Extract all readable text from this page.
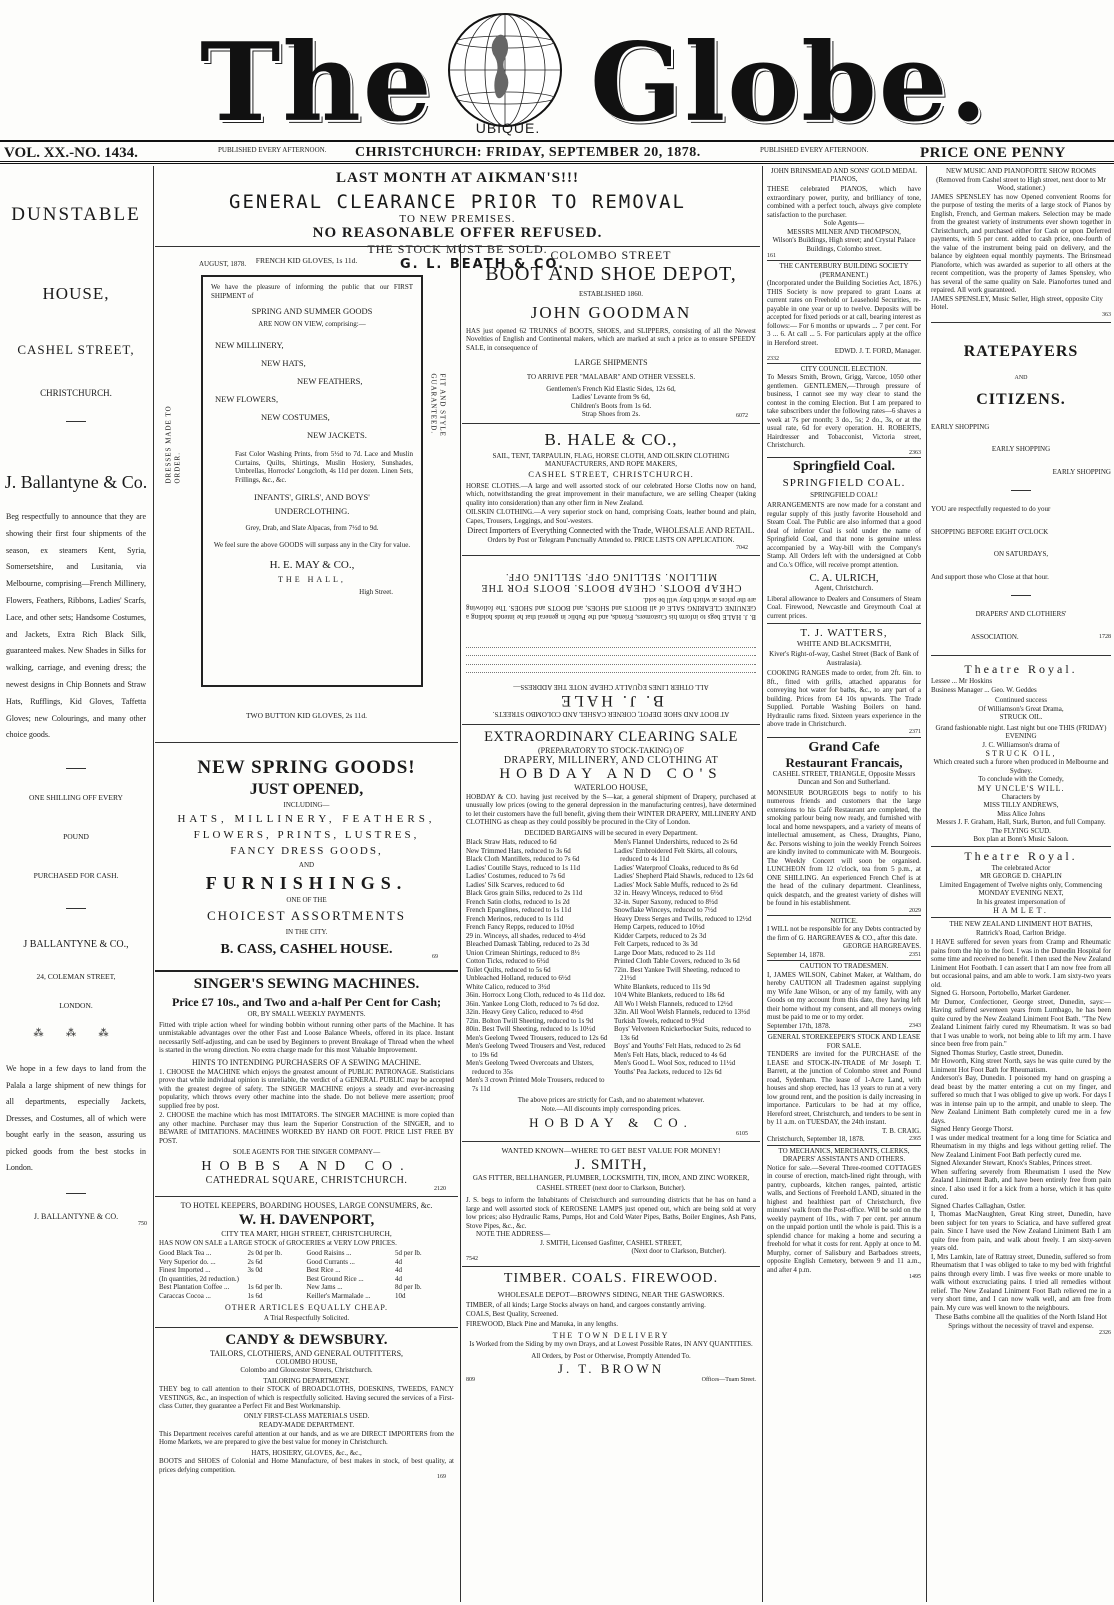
The	UBIQUE. Globe.
VOL. XX.-NO. 1434.	PUBLISHED EVERY AFTERNOON. CHRISTCHURCH: FRIDAY, SEPTEMBER 20, 1878.	PUBLISHED EVERY AFTERNOON.	PRICE ONE PENNY
DUNSTABLE
HOUSE,
CASHEL STREET,
CHRISTCHURCH.
J. Ballantyne & Co.

Beg respectfully to announce that they are showing their first four shipments of the season, ex steamers Kent, Syria, Somersetshire, and Lusitania, via Melbourne, comprising—French Millinery, Flowers, Feathers, Ribbons, Ladies' Scarfs, Lace, and other sets; Handsome Costumes, and Jackets, Extra Rich Black Silk, guaranteed makes. New Shades in Silks for walking, carriage, and evening dress; the newest designs in Chip Bonnets and Straw Hats, Rufflings, Kid Gloves, Taffetta Gloves; new Colourings, and many other choice goods.

ONE SHILLING OFF EVERY
POUND
PURCHASED FOR CASH.
J BALLANTYNE & CO.,
24, COLEMAN STREET,
LONDON.
⁂ ⁂ ⁂

We hope in a few days to land from the Palala a large shipment of new things for all departments, especially Jackets, Dresses, and Costumes, all of which were bought early in the season, assuring us picked goods from the best stocks in London.

J. BALLANTYNE & CO.
750
LAST MONTH AT AIKMAN'S!!!
GENERAL CLEARANCE PRIOR TO REMOVAL
TO NEW PREMISES.
NO REASONABLE OFFER REFUSED.
THE STOCK MUST BE SOLD.
AUGUST, 1878.	G. L. BEATH & CO.
FRENCH KID GLOVES, 1s 11d.
DRESSES MADE TO ORDER.
FIT AND STYLE GUARANTEED.
We have the pleasure of informing the public that our FIRST SHIPMENT of
SPRING AND SUMMER GOODS
ARE NOW ON VIEW, comprising:—
NEW MILLINERY,
NEW HATS,
NEW FEATHERS,
NEW FLOWERS,
NEW COSTUMES,
NEW JACKETS.
Fast Color Washing Prints, from 5½d to 7d. Lace and Muslin Curtains, Quilts, Shirtings, Muslin Hosiery, Sunshades, Umbrellas, Horrocks' Longcloth, 4s 11d per dozen. Linen Sets, Frillings, &c., &c.
INFANTS', GIRLS', AND BOYS'
UNDERCLOTHING.
Grey, Drab, and Slate Alpacas, from 7½d to 9d.
We feel sure the above GOODS will surpass any in the City for value.
H. E. MAY & CO.,
THE HALL,
High Street.
TWO BUTTON KID GLOVES, 2s 11d.
NEW SPRING GOODS!
JUST OPENED,
INCLUDING—
HATS, MILLINERY, FEATHERS,
FLOWERS, PRINTS, LUSTRES,
FANCY DRESS GOODS,
AND
FURNISHINGS.
ONE OF THE
CHOICEST ASSORTMENTS
IN THE CITY.
B. CASS, CASHEL HOUSE.	69
SINGER'S SEWING MACHINES.
Price £7 10s., and Two and a-half Per Cent for Cash;
OR, BY SMALL WEEKLY PAYMENTS.
Fitted with triple action wheel for winding bobbin without running other parts of the Machine. It has unmistakable advantages over the other Fast and Loose Balance Wheels, offered in its place. Instant necessarily Self-adjusting, and can be used by Beginners to prevent Breakage of Thread when the wheel is started in the wrong direction. No extra charge made for this most Valuable Improvement.
HINTS TO INTENDING PURCHASERS OF A SEWING MACHINE.
1. CHOOSE the MACHINE which enjoys the greatest amount of PUBLIC PATRONAGE. Statisticians prove that while individual opinion is unreliable, the verdict of a GENERAL PUBLIC may be accepted with the greatest degree of safety. The SINGER MACHINE enjoys a steady and ever-increasing popularity, which throws every other machine into the shade. Do not believe mere assertion; proof supplied free by post.
2. CHOOSE the machine which has most IMITATORS. The SINGER MACHINE is more copied than any other machine. Purchaser may thus learn the Superior Construction of the SINGER, and to BEWARE of IMITATIONS. MACHINES WORKED BY HAND OR FOOT. PRICE LIST FREE BY POST.
SOLE AGENTS FOR THE SINGER COMPANY—
HOBBS AND CO.
CATHEDRAL SQUARE, CHRISTCHURCH.
2120
TO HOTEL KEEPERS, BOARDING HOUSES, LARGE CONSUMERS, &c.
W. H. DAVENPORT,
CITY TEA MART, HIGH STREET, CHRISTCHURCH,
HAS NOW ON SALE a LARGE STOCK of GROCERIES at VERY LOW PRICES.
Good Black Tea ...	2s 0d per lb.	Good Raisins ...	5d per lb.
Very Superior do. ...	2s 6d	Good Currants ...	4d
Finest Imported ...	3s 0d	Best Rice ...	4d
(In quantities, 2d reduction.)	Best Ground Rice ...	4d
Best Plantation Coffee ...	1s 6d per lb.	New Jams ...	8d per lb.
Caraccas Cocoa ...	1s 6d	Keiller's Marmalade ...	10d
OTHER ARTICLES EQUALLY CHEAP.
A Trial Respectfully Solicited.
CANDY & DEWSBURY.
TAILORS, CLOTHIERS, AND GENERAL OUTFITTERS,
COLOMBO HOUSE,
Colombo and Gloucester Streets, Christchurch.
TAILORING DEPARTMENT.
THEY beg to call attention to their STOCK of BROADCLOTHS, DOESKINS, TWEEDS, FANCY VESTINGS, &c., an inspection of which is respectfully solicited. Having secured the services of a First-class Cutter, they guarantee a Perfect Fit and Best Workmanship.
ONLY FIRST-CLASS MATERIALS USED.
READY-MADE DEPARTMENT.
This Department receives careful attention at our hands, and as we are DIRECT IMPORTERS from the Home Markets, we are prepared to give the best value for money in Christchurch.
HATS, HOSIERY, GLOVES, &c., &c.,
BOOTS and SHOES of Colonial and Home Manufacture, of best makes in stock, of best quality, at prices defying competition.
169
COLOMBO STREET
BOOT AND SHOE DEPOT,
ESTABLISHED 1860.
JOHN GOODMAN
HAS just opened 62 TRUNKS of BOOTS, SHOES, and SLIPPERS, consisting of all the Newest Novelties of English and Continental makers, which are marked at such a price as to ensure SPEEDY SALE, in consequence of
LARGE SHIPMENTS
TO ARRIVE PER "MALABAR" AND OTHER VESSELS.
Gentlemen's French Kid Elastic Sides, 12s 6d,
Ladies' Levante from 9s 6d,
Children's Boots from 1s 6d.
Strap Shoes from 2s.	6072
B. HALE & CO.,
SAIL, TENT, TARPAULIN, FLAG, HORSE CLOTH, AND OILSKIN CLOTHING MANUFACTURERS, AND ROPE MAKERS,
CASHEL STREET, CHRISTCHURCH.
HORSE CLOTHS.—A large and well assorted stock of our celebrated Horse Cloths now on hand, which, notwithstanding the great improvement in their manufacture, we are selling Cheaper (taking quality into consideration) than any other firm in New Zealand.
OILSKIN CLOTHING.—A very superior stock on hand, comprising Coats, leather bound and plain, Capes, Trousers, Leggings, and Sou'-westers.
Direct Importers of Everything Connected with the Trade, WHOLESALE AND RETAIL.
Orders by Post or Telegram Punctually Attended to. PRICE LISTS ON APPLICATION.
7042
AT BOOT AND SHOE DEPOT, CORNER CASHEL AND COLOMBO STREETS.
B. J. HALE
ALL OTHER LINES EQUALLY CHEAP. NOTE THE ADDRESS—
B. J. HALE begs to inform his Customers, Friends, and the Public in general that he intends holding a GENUINE CLEARING SALE of all BOOTS and SHOES, and BOOTS and SHOES. The following are the prices at which they will be sold.
CHEAP BOOTS. CHEAP BOOTS. BOOTS FOR THE MILLION. SELLING OFF. SELLING OFF.
EXTRAORDINARY CLEARING SALE
(PREPARATORY TO STOCK-TAKING) OF
DRAPERY, MILLINERY, AND CLOTHING AT
HOBDAY AND CO'S
WATERLOO HOUSE,
HOBDAY & CO. having just received by the S—kar, a general shipment of Drapery, purchased at unusually low prices (owing to the general depression in the manufacturing centres), have determined to let their customers have the full benefit, giving them their WINTER DRAPERY, MILLINERY AND CLOTHING as cheap as they could possibly be procured in the City of London.
DECIDED BARGAINS will be secured in every Department.
Black Straw Hats, reduced to 6d
New Trimmed Hats, reduced to 3s 6d
Black Cloth Mantillets, reduced to 7s 6d
Ladies' Coutille Stays, reduced to 1s 11d
Ladies' Costumes, reduced to 7s 6d
Ladies' Silk Scarves, reduced to 6d
Black Gros grain Silks, reduced to 2s 11d
French Satin cloths, reduced to 1s 2d
French Epanglines, reduced to 1s 11d
French Merinos, reduced to 1s 11d
French Fancy Repps, reduced to 10½d
29 in. Winceys, all shades, reduced to 4½d
Bleached Damask Tabling, reduced to 2s 3d
Union Crimean Shirtings, reduced to 8½
Cotton Ticks, reduced to 6½d
Toilet Quilts, reduced to 5s 6d
Unbleached Holland, reduced to 6½d
White Calico, reduced to 3½d
36in. Horrocx Long Cloth, reduced to 4s 11d doz.
36in. Yankee Long Cloth, reduced to 7s 6d doz.
32in. Heavy Grey Calico, reduced to 4½d
72in. Bolton Twill Sheeting, reduced to 1s 9d
80in. Best Twill Sheeting, reduced to 1s 10½d
Men's Geelong Tweed Trousers, reduced to 12s 6d
Men's Geelong Tweed Trousers and Vest, reduced to 19s 6d
Men's Geelong Tweed Overcoats and Ulsters, reduced to 35s
Men's 3 crown Printed Mole Trousers, reduced to 7s 11d
Men's Flannel Undershirts, reduced to 2s 6d
Ladies' Embroidered Felt Skirts, all colours, reduced to 4s 11d
Ladies' Waterproof Cloaks, reduced to 8s 6d
Ladies' Shepherd Plaid Shawls, reduced to 12s 6d
Ladies' Mock Sable Muffs, reduced to 2s 6d
32 in. Heavy Winceys, reduced to 6½d
32-in. Super Saxony, reduced to 8½d
Snowflake Winceys, reduced to 7½d
Heavy Dress Serges and Twills, reduced to 12½d
Hemp Carpets, reduced to 10½d
Kidder Carpets, reduced to 2s 3d
Felt Carpets, reduced to 3s 3d
Large Door Mats, reduced to 2s 11d
Printed Cloth Table Covers, reduced to 3s 6d
72in. Best Yankee Twill Sheeting, reduced to 21½d
White Blankets, reduced to 11s 9d
10/4 White Blankets, reduced to 18s 6d
All Wo l Welsh Flannels, reduced to 12½d
32in. All Wool Welsh Flannels, reduced to 13½d
Turkish Towels, reduced to 9½d
Boys' Velveteen Knickerbocker Suits, reduced to 13s 6d
Boys' and Youths' Felt Hats, reduced to 2s 6d
Men's Felt Hats, black, reduced to 4s 6d
Men's Good L. Wool Sox, reduced to 11½d
Youths' Pea Jackets, reduced to 12s 6d
The above prices are strictly for Cash, and no abatement whatever.
Note.—All discounts imply corresponding prices.
HOBDAY & CO.
6105
WANTED KNOWN—WHERE TO GET BEST VALUE FOR MONEY!
J. SMITH,
GAS FITTER, BELLHANGER, PLUMBER, LOCKSMITH, TIN, IRON, AND ZINC WORKER,
CASHEL STREET (next door to Clarkson, Butcher).
J. S. begs to inform the Inhabitants of Christchurch and surrounding districts that he has on hand a large and well assorted stock of KEROSENE LAMPS just opened out, which are being sold at very low prices; also Hydraulic Rams, Pumps, Hot and Cold Water Pipes, Baths, Boiler Engines, Ash Pans, Stove Pipes, &c., &c.
NOTE THE ADDRESS—
J. SMITH, Licensed Gasfitter, CASHEL STREET,
(Next door to Clarkson, Butcher).
7542
TIMBER. COALS. FIREWOOD.
WHOLESALE DEPOT—BROWN'S SIDING, NEAR THE GASWORKS.
TIMBER, of all kinds; Large Stocks always on hand, and cargoes constantly arriving.
COALS, Best Quality, Screened.
FIREWOOD, Black Pine and Manuka, in any lengths.
THE TOWN DELIVERY
Is Worked from the Siding by my own Drays, and at Lowest Possible Rates, IN ANY QUANTITIES.
All Orders, by Post or Otherwise, Promptly Attended To.
J. T. BROWN
809	Offices—Tuam Street.
JOHN BRINSMEAD AND SONS' GOLD MEDAL PIANOS,
THESE celebrated PIANOS, which have extraordinary power, purity, and brilliancy of tone, combined with a perfect touch, always give complete satisfaction to the purchaser.
Sole Agents—
MESSRS MILNER AND THOMPSON,
Wilson's Buildings, High street; and Crystal Palace Buildings, Colombo street.
161
THE CANTERBURY BUILDING SOCIETY (PERMANENT.)
(Incorporated under the Building Societies Act, 1876.) THIS Society is now prepared to grant Loans at current rates on Freehold or Leasehold Securities, re-payable in one year or up to twelve. Deposits will be accepted for fixed periods or at call, bearing interest as follows:— For 6 months or upwards ... 7 per cent. For 3 ... 6. At call ... 5. For particulars apply at the office in Hereford street.
EDWD. J. T. FORD, Manager.
2332
CITY COUNCIL ELECTION.
To Messrs Smith, Brown, Grigg, Varcoe, 1050 other gentlemen. GENTLEMEN,—Through pressure of business, I cannot see my way clear to stand the contest in the coming Election. But I am prepared to take subscribers under the following rates—6 shaves a week at 7s per month; 3 do., 5s; 2 do., 3s, or at the usual rate, 6d for every operation. H. ROBERTS, Hairdresser and Tobacconist, Victoria street, Christchurch.
2363
Springfield Coal.
SPRINGFIELD COAL.
SPRINGFIELD COAL!
ARRANGEMENTS are now made for a constant and regular supply of this justly favorite Household and Steam Coal. The Public are also informed that a good deal of inferior Coal is sold under the name of Springfield Coal, and that none is genuine unless accompanied by a Way-bill with the Company's Stamp. All Orders left with the undersigned at Cobb and Co.'s Office, will receive prompt attention.
C. A. ULRICH,
Agent, Christchurch.
Liberal allowance to Dealers and Consumers of Steam Coal. Firewood, Newcastle and Greymouth Coal at current prices.
T. J. WATTERS,
WHITE AND BLACKSMITH,
Kiver's Right-of-way, Cashel Street (Back of Bank of Australasia).
COOKING RANGES made to order, from 2ft. 6in. to 8ft., fitted with grills, attached apparatus for conveying hot water for baths, &c., to any part of a building. Prices from £4 10s upwards. The Trade Supplied. Portable Washing Boilers on hand. Hydraulic rams fixed. Sixteen years experience in the above trade in Christchurch.
2371
Grand Cafe
Restaurant Francais,
CASHEL STREET, TRIANGLE, Opposite Messrs Duncan and Son and Sutherland.
MONSIEUR BOURGEOIS begs to notify to his numerous friends and customers that the large extensions to his Café Restaurant are completed, the smoking parlour being now ready, and furnished with local and home newspapers, and a variety of means of intellectual amusement, as Chess, Draughts, Piano, &c. Persons wishing to join the weekly French Soirees are kindly invited to communicate with M. Bourgeois. The Weekly Concert will soon be organised. LUNCHEON from 12 o'clock, tea from 5 p.m., at ONE SHILLING. An experienced French Chef is at the head of the culinary department. Cleanliness, quick despatch, and the greatest variety of dishes will be found in his establishment.
2029
NOTICE.
I WILL not be responsible for any Debts contracted by the firm of G. HARGREAVES & CO., after this date.
GEORGE HARGREAVES.
September 14, 1878.	2351
CAUTION TO TRADESMEN.
I, JAMES WILSON, Cabinet Maker, at Waltham, do hereby CAUTION all Tradesmen against supplying my Wife Jane Wilson, or any of my family, with any Goods on my account from this date, they having left their home without my consent, and all moneys owing must be paid to me or to my order.
September 17th, 1878.	2343
GENERAL STOREKEEPER'S STOCK AND LEASE FOR SALE.
TENDERS are invited for the PURCHASE of the LEASE and STOCK-IN-TRADE of Mr Joseph T. Barrett, at the junction of Colombo street and Pound road, Sydenham. The lease of 1-Acre Land, with houses and shop erected, has 13 years to run at a very low ground rent, and the position is daily increasing in importance. Particulars to be had at my office, Hereford street, Christchurch, and tenders to be sent in by 11 a.m. on TUESDAY, the 24th instant.
T. B. CRAIG.
Christchurch, September 18, 1878.	2365
TO MECHANICS, MERCHANTS, CLERKS, DRAPERS' ASSISTANTS AND OTHERS.
Notice for sale.—Several Three-roomed COTTAGES in course of erection, match-lined right through, with pantry, cupboards, kitchen ranges, painted, artistic walls, and Sections of Freehold LAND, situated in the highest and healthiest part of Christchurch, five minutes' walk from the Post-office. Will be sold on the weekly payment of 10s., with 7 per cent. per annum on the unpaid portion until the whole is paid. This is a splendid chance for making a home and securing a freehold for what it costs for rent. Apply at once to M. Murphy, corner of Salisbury and Barbadoes streets, opposite English Cemetery, between 9 and 11 a.m., and after 4 p.m.
1495
NEW MUSIC AND PIANOFORTE SHOW ROOMS
(Removed from Cashel street to High street, next door to Mr Wood, stationer.)
JAMES SPENSLEY has now Opened convenient Rooms for the purpose of testing the merits of a large stock of Pianos by English, French, and German makers. Selection may be made from the greatest variety of instruments ever shown together in Christchurch, and purchased either for Cash or upon Deferred payments, with 5 per cent. added to cash price, one-fourth of the value of the instrument being paid on delivery, and the balance by eighteen equal monthly payments. The Brinsmead Pianoforte, which was awarded as superior to all others at the recent competition, was the property of James Spensley, who has several of the same quality on Sale. Pianofortes tuned and repaired. All work guaranteed.
JAMES SPENSLEY, Music Seller, High street, opposite City Hotel.
363
RATEPAYERS
AND
CITIZENS.
EARLY SHOPPING
EARLY SHOPPING
EARLY SHOPPING
YOU are respectfully requested to do your
SHOPPING BEFORE EIGHT O'CLOCK
ON SATURDAYS,
And support those who Close at that hour.
DRAPERS' AND CLOTHIERS'
ASSOCIATION.	1728
Theatre Royal.
Lessee ... Mr Hoskins
Business Manager ... Geo. W. Geddes
Continued success
Of Williamson's Great Drama,
STRUCK OIL.
Grand fashionable night. Last night but one THIS (FRIDAY) EVENING
J. C. Williamson's drama of
STRUCK OIL,
Which created such a furore when produced in Melbourne and Sydney.
To conclude with the Comedy,
MY UNCLE'S WILL.
Characters by
MISS TILLY ANDREWS,
Miss Alice Johns
Messrs J. F. Graham, Hall, Stark, Burton, and full Company.
The FLYING SCUD.
Box plan at Bonn's Music Saloon.
Theatre Royal.
The celebrated Actor
MR GEORGE D. CHAPLIN
Limited Engagement of Twelve nights only, Commencing
MONDAY EVENING NEXT,
In his greatest impersonation of
HAMLET.
THE NEW ZEALAND LINIMENT HOT BATHS,
Rattrick's Road, Carlton Bridge.
I HAVE suffered for seven years from Cramp and Rheumatic pains from the hip to the foot. I was in the Dunedin Hospital for some time and received no benefit. I then used the New Zealand Liniment Hot Footbath. I can assert that I am now free from all but occasional pains, and am able to work. I am sixty-two years old.
Signed G. Horsoon, Portobello, Market Gardener.
Mr Dumor, Confectioner, George street, Dunedin, says:—Having suffered seventeen years from Lumbago, he has been quite cured by the New Zealand Liniment Foot Bath. "The New Zealand Liniment fairly cured my Rheumatism. It was so bad that I was unable to work, not being able to lift my arm. I have since been free from pain."
Signed Thomas Sturley, Castle street, Dunedin.
Mr Howorth, King street North, says he was quite cured by the Liniment Hot Foot Bath for Rheumatism.
Anderson's Bay, Dunedin. I poisoned my hand on grasping a dead beast by the matter entering a cut on my finger, and suffered so much that I was obliged to give up work. For days I was in intense pain up to the armpit, and unable to sleep. The New Zealand Liniment Bath completely cured me in a few days.
Signed Henry George Thorst.
I was under medical treatment for a long time for Sciatica and Rheumatism in my thighs and legs without getting relief. The New Zealand Liniment Foot Bath perfectly cured me.
Signed Alexander Stewart, Knox's Stables, Princes street.
When suffering severely from Rheumatism I used the New Zealand Liniment Bath, and have been entirely free from pain since. I also used it for a kick from a horse, which it has quite cured.
Signed Charles Callaghan, Ostler.
I, Thomas MacNaughten, Great King street, Dunedin, have been subject for ten years to Sciatica, and have suffered great pain. Since I have used the New Zealand Liniment Bath I am quite free from pain, and walk about freely. I am sixty-seven years old.
I, Mrs Lamkin, late of Rattray street, Dunedin, suffered so from Rheumatism that I was obliged to take to my bed with frightful pains through every limb. I was five weeks or more unable to walk without excruciating pains. I tried all remedies without relief. The New Zealand Liniment Foot Bath relieved me in a very short time, and I can now walk well, and am free from pain. My cure was well known to the neighbours.
These Baths combine all the qualities of the North Island Hot Springs without the necessity of travel and expense.
2326
